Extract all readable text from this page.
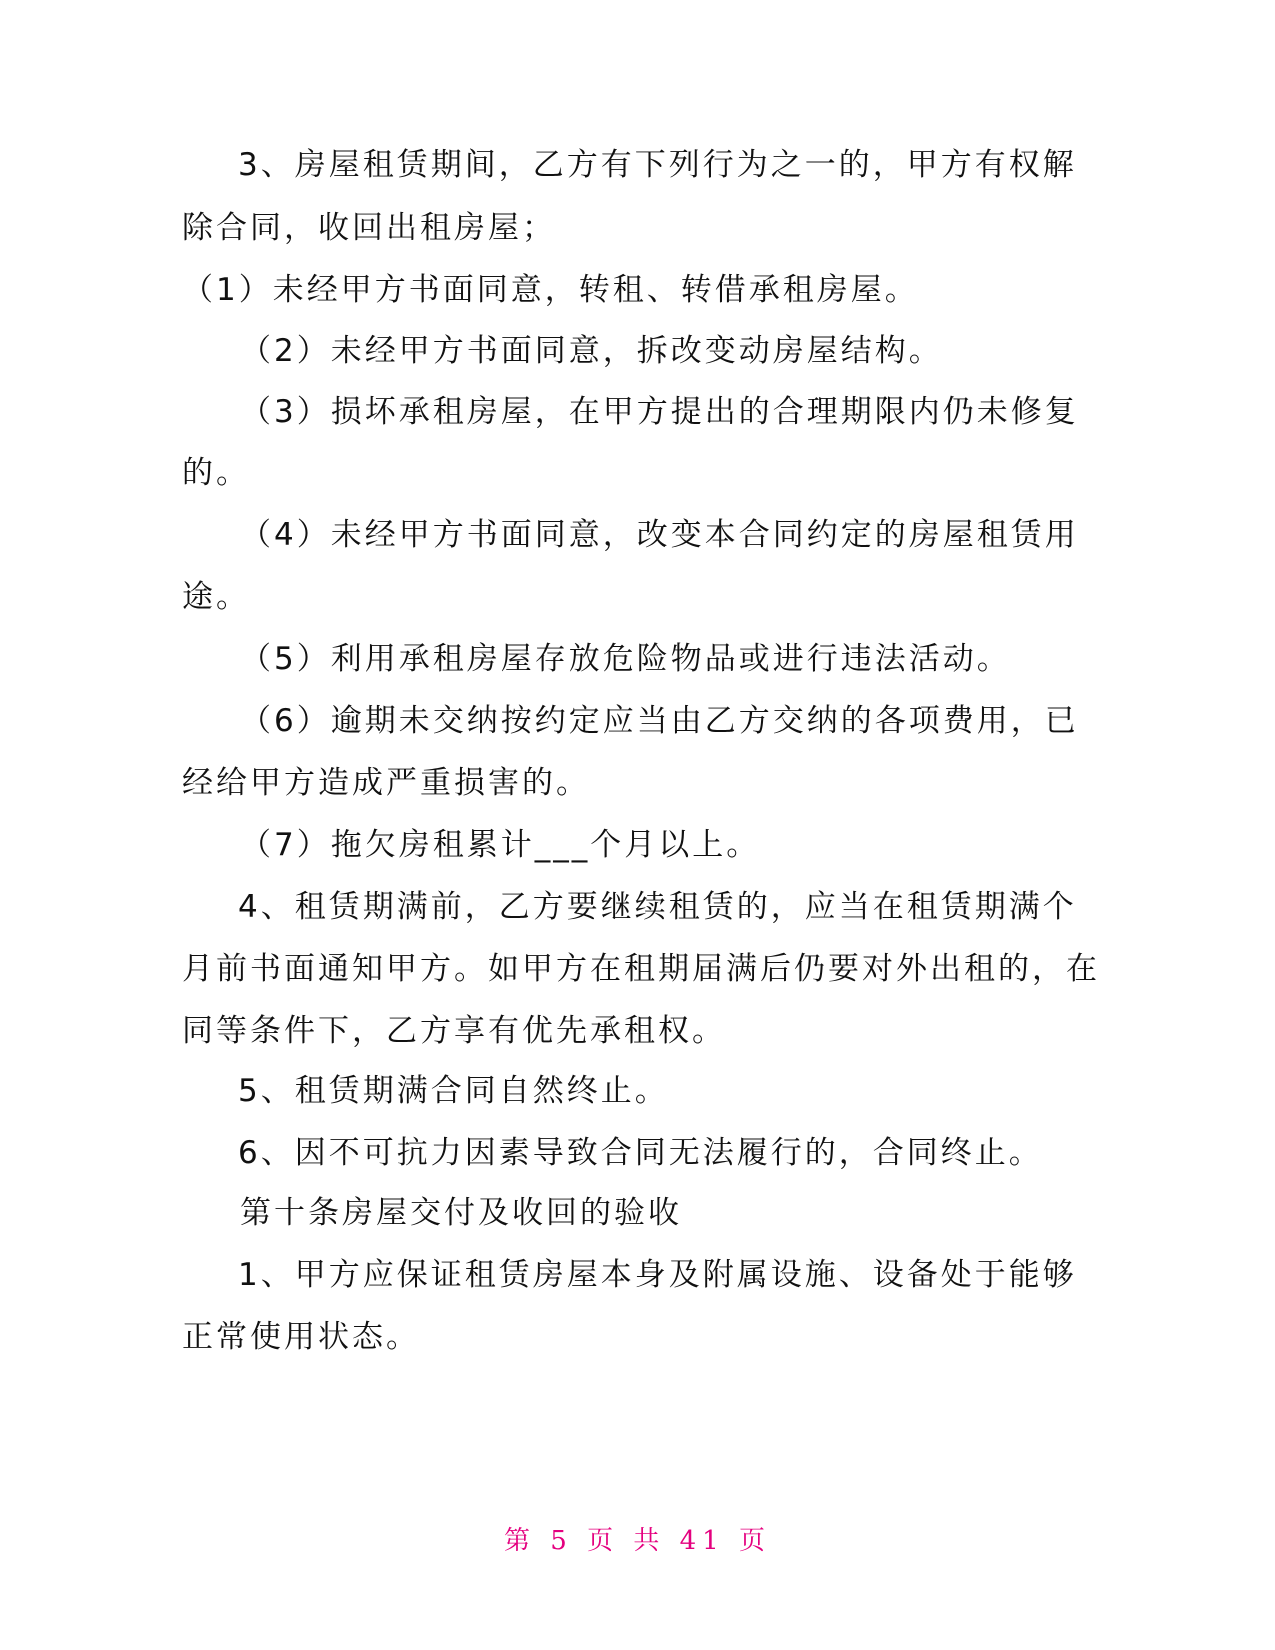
3、房屋租赁期间，乙方有下列行为之一的，甲方有权解
除合同，收回出租房屋；
（1）未经甲方书面同意，转租、转借承租房屋。
（2）未经甲方书面同意，拆改变动房屋结构。
（3）损坏承租房屋，在甲方提出的合理期限内仍未修复
的。
（4）未经甲方书面同意，改变本合同约定的房屋租赁用
途。
（5）利用承租房屋存放危险物品或进行违法活动。
（6）逾期未交纳按约定应当由乙方交纳的各项费用，已
经给甲方造成严重损害的。
（7）拖欠房租累计___个月以上。
4、租赁期满前，乙方要继续租赁的，应当在租赁期满个
月前书面通知甲方。如甲方在租期届满后仍要对外出租的，在
同等条件下，乙方享有优先承租权。
5、租赁期满合同自然终止。
6、因不可抗力因素导致合同无法履行的，合同终止。
第十条房屋交付及收回的验收
1、甲方应保证租赁房屋本身及附属设施、设备处于能够
正常使用状态。
第 5 页 共 41 页
